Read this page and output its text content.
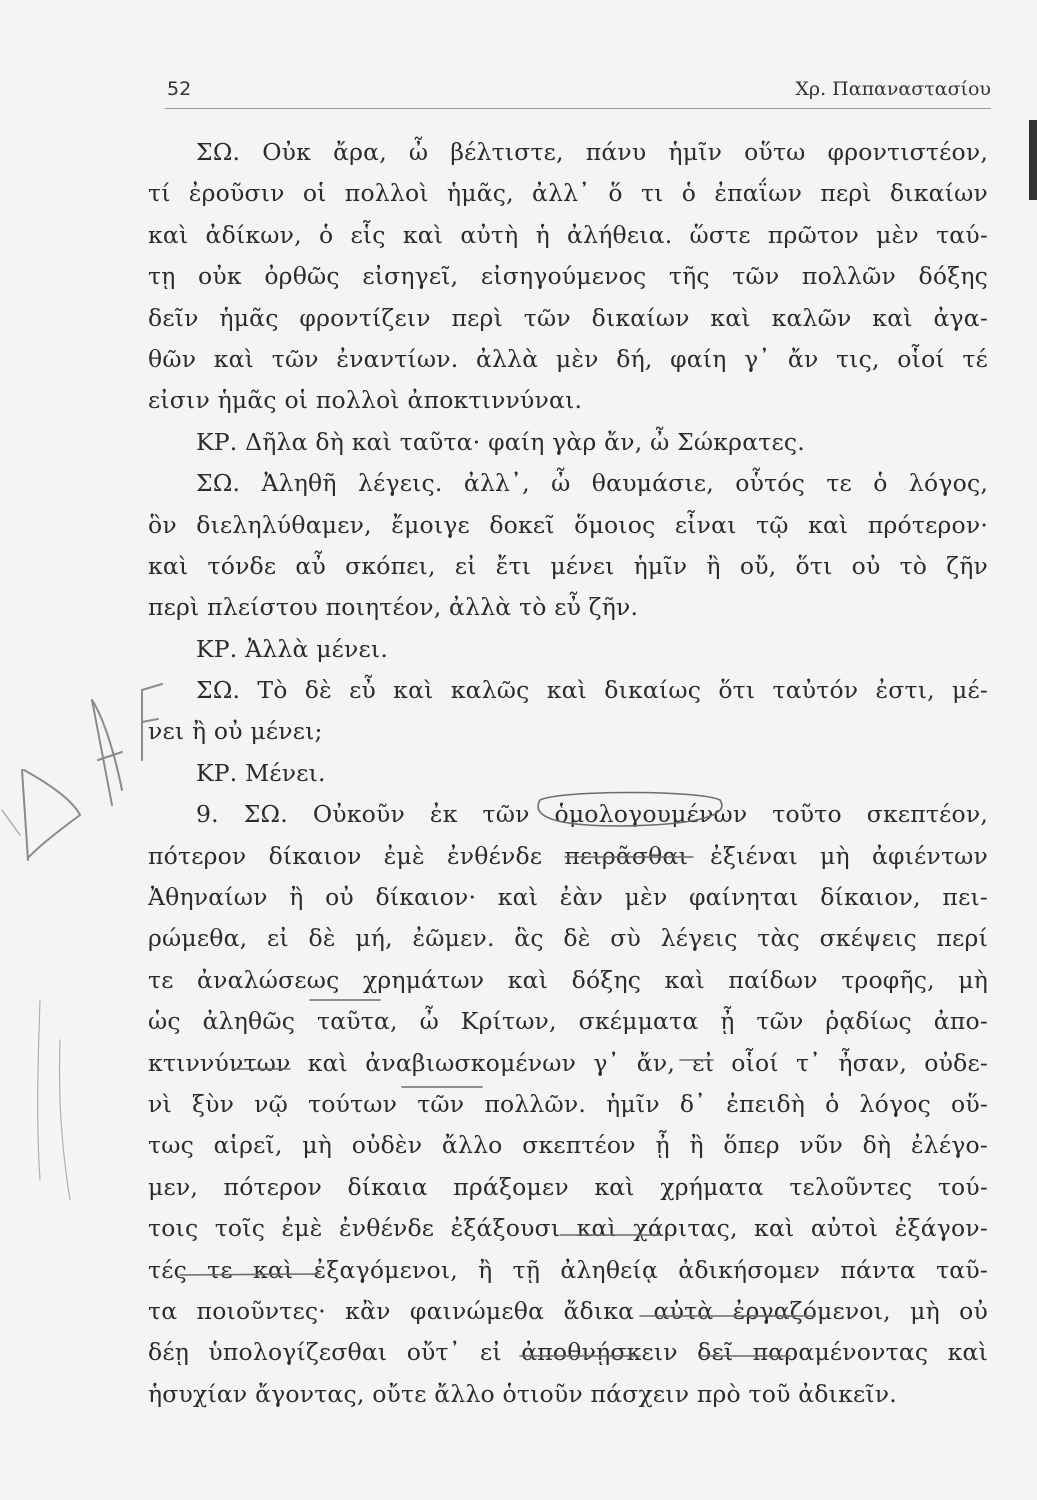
52	Χρ. Παπαναστασίου
ΣΩ. Οὐκ ἄρα, ὦ βέλτιστε, πάνυ ἡμῖν οὕτω φροντιστέον,
τί ἐροῦσιν οἱ πολλοὶ ἡμᾶς, ἀλλ᾽ ὅ τι ὁ ἐπαΐων περὶ δικαίων
καὶ ἀδίκων, ὁ εἷς καὶ αὐτὴ ἡ ἀλήθεια. ὥστε πρῶτον μὲν ταύ-
τῃ οὐκ ὀρθῶς εἰσηγεῖ, εἰσηγούμενος τῆς τῶν πολλῶν δόξης
δεῖν ἡμᾶς φροντίζειν περὶ τῶν δικαίων καὶ καλῶν καὶ ἀγα-
θῶν καὶ τῶν ἐναντίων. ἀλλὰ μὲν δή, φαίη γ᾽ ἄν τις, οἷοί τέ
εἰσιν ἡμᾶς οἱ πολλοὶ ἀποκτιννύναι.
ΚΡ. Δῆλα δὴ καὶ ταῦτα· φαίη γὰρ ἄν, ὦ Σώκρατες.
ΣΩ. Ἀληθῆ λέγεις. ἀλλ᾽, ὦ θαυμάσιε, οὗτός τε ὁ λόγος,
ὃν διεληλύθαμεν, ἔμοιγε δοκεῖ ὅμοιος εἶναι τῷ καὶ πρότερον·
καὶ τόνδε αὖ σκόπει, εἰ ἔτι μένει ἡμῖν ἢ οὔ, ὅτι οὐ τὸ ζῆν
περὶ πλείστου ποιητέον, ἀλλὰ τὸ εὖ ζῆν.
ΚΡ. Ἀλλὰ μένει.
ΣΩ. Τὸ δὲ εὖ καὶ καλῶς καὶ δικαίως ὅτι ταὐτόν ἐστι, μέ-
νει ἢ οὐ μένει;
ΚΡ. Μένει.
9. ΣΩ. Οὐκοῦν ἐκ τῶν ὁμολογουμένων τοῦτο σκεπτέον,
πότερον δίκαιον ἐμὲ ἐνθένδε πειρᾶσθαι ἐξιέναι μὴ ἀφιέντων
Ἀθηναίων ἢ οὐ δίκαιον· καὶ ἐὰν μὲν φαίνηται δίκαιον, πει-
ρώμεθα, εἰ δὲ μή, ἐῶμεν. ἃς δὲ σὺ λέγεις τὰς σκέψεις περί
τε ἀναλώσεως χρημάτων καὶ δόξης καὶ παίδων τροφῆς, μὴ
ὡς ἀληθῶς ταῦτα, ὦ Κρίτων, σκέμματα ᾖ τῶν ῥᾳδίως ἀπο-
κτιννύντων καὶ ἀναβιωσκομένων γ᾽ ἄν, εἰ οἷοί τ᾽ ἦσαν, οὐδε-
νὶ ξὺν νῷ τούτων τῶν πολλῶν. ἡμῖν δ᾽ ἐπειδὴ ὁ λόγος οὕ-
τως αἱρεῖ, μὴ οὐδὲν ἄλλο σκεπτέον ᾖ ἢ ὅπερ νῦν δὴ ἐλέγο-
μεν, πότερον δίκαια πράξομεν καὶ χρήματα τελοῦντες τού-
τοις τοῖς ἐμὲ ἐνθένδε ἐξάξουσι καὶ χάριτας, καὶ αὐτοὶ ἐξάγον-
τές τε καὶ ἐξαγόμενοι, ἢ τῇ ἀληθείᾳ ἀδικήσομεν πάντα ταῦ-
τα ποιοῦντες· κἂν φαινώμεθα ἄδικα αὐτὰ ἐργαζόμενοι, μὴ οὐ
δέῃ ὑπολογίζεσθαι οὔτ᾽ εἰ ἀποθνῄσκειν δεῖ παραμένοντας καὶ
ἡσυχίαν ἄγοντας, οὔτε ἄλλο ὁτιοῦν πάσχειν πρὸ τοῦ ἀδικεῖν.
